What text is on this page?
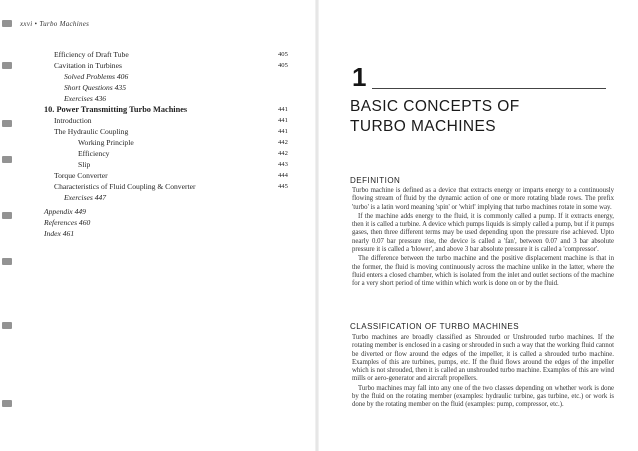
xxvi • Turbo Machines
Efficiency of Draft Tube	405
Cavitation in Turbines	405
Solved Problems 406
Short Questions 435
Exercises 436
10. Power Transmitting Turbo Machines	441
Introduction	441
The Hydraulic Coupling	441
Working Principle	442
Efficiency	442
Slip	443
Torque Converter	444
Characteristics of Fluid Coupling & Converter	445
Exercises 447
Appendix 449
References 460
Index 461
1
BASIC CONCEPTS OF
TURBO MACHINES
DEFINITION

Turbo machine is defined as a device that extracts energy or imparts energy to a continuously flowing stream of fluid by the dynamic action of one or more rotating blade rows. The prefix 'turbo' is a latin word meaning 'spin' or 'whirl' implying that turbo machines rotate in some way.

If the machine adds energy to the fluid, it is commonly called a pump. If it extracts energy, then it is called a turbine. A device which pumps liquids is simply called a pump, but if it pumps gases, then three different terms may be used depending upon the pressure rise achieved. Upto nearly 0.07 bar pressure rise, the device is called a 'fan', between 0.07 and 3 bar absolute pressure it is called a 'blower', and above 3 bar absolute pressure it is called a 'compressor'.

The difference between the turbo machine and the positive displacement machine is that in the former, the fluid is moving continuously across the machine unlike in the latter, where the fluid enters a closed chamber, which is isolated from the inlet and outlet sections of the machine for a very short period of time within which work is done on or by the fluid.

CLASSIFICATION OF TURBO MACHINES

Turbo machines are broadly classified as Shrouded or Unshrouded turbo machines. If the rotating member is enclosed in a casing or shrouded in such a way that the working fluid cannot be diverted or flow around the edges of the impeller, it is called a shrouded turbo machine. Examples of this are turbines, pumps, etc. If the fluid flows around the edges of the impeller which is not shrouded, then it is called an unshrouded turbo machine. Examples of this are wind mills or aero-generator and aircraft propellers.

Turbo machines may fall into any one of the two classes depending on whether work is done by the fluid on the rotating member (examples: hydraulic turbine, gas turbine, etc.) or work is done by the rotating member on the fluid (examples: pump, compressor, etc.).
